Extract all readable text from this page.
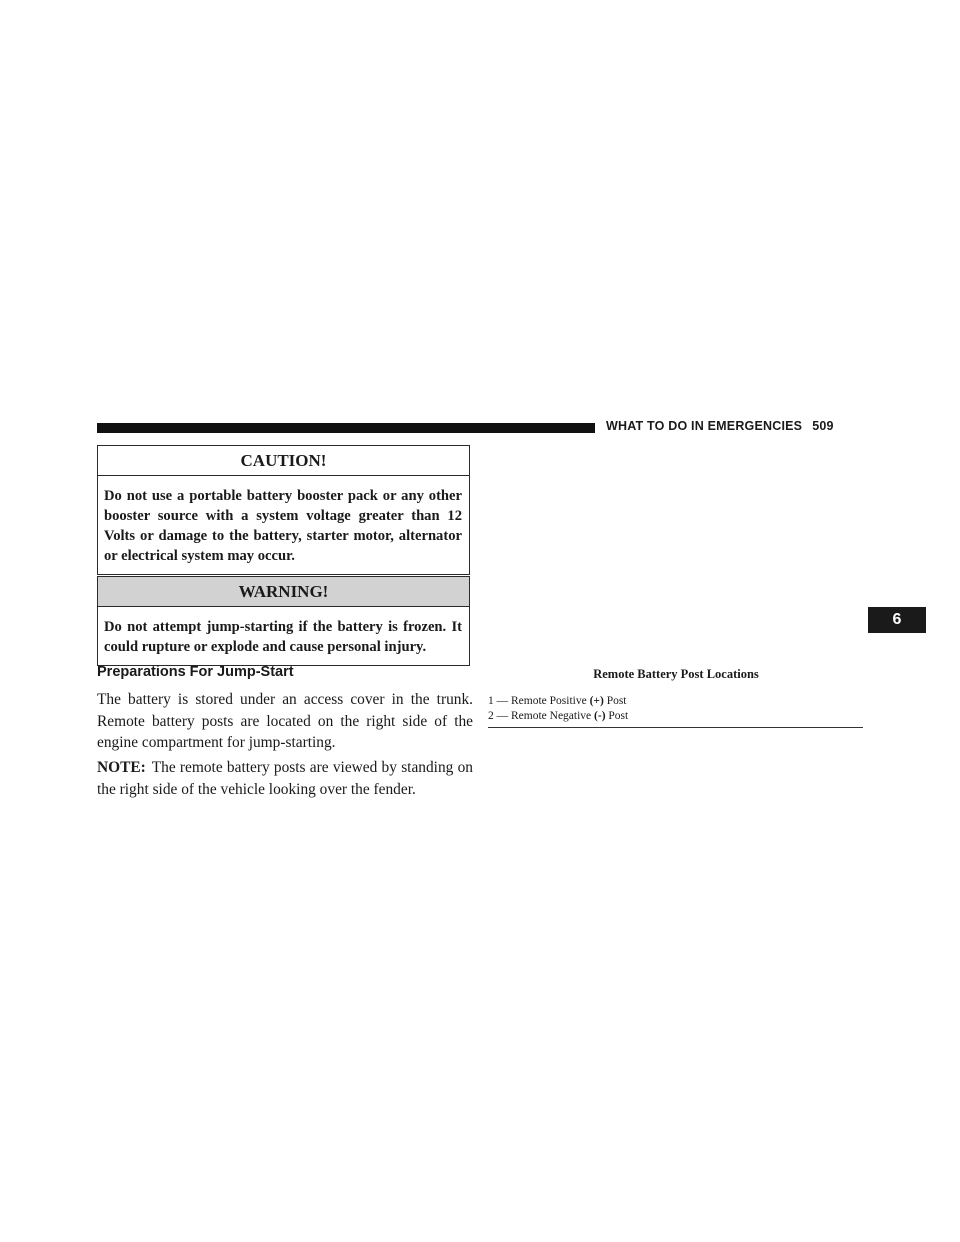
WHAT TO DO IN EMERGENCIES 509
6
CAUTION!
Do not use a portable battery booster pack or any other booster source with a system voltage greater than 12 Volts or damage to the battery, starter motor, alternator or electrical system may occur.
WARNING!
Do not attempt jump-starting if the battery is frozen. It could rupture or explode and cause personal injury.
Preparations For Jump-Start

The battery is stored under an access cover in the trunk. Remote battery posts are located on the right side of the engine compartment for jump-starting.

NOTE: The remote battery posts are viewed by standing on the right side of the vehicle looking over the fender.

Remote Battery Post Locations
1 — Remote Positive (+) Post
2 — Remote Negative (-) Post
